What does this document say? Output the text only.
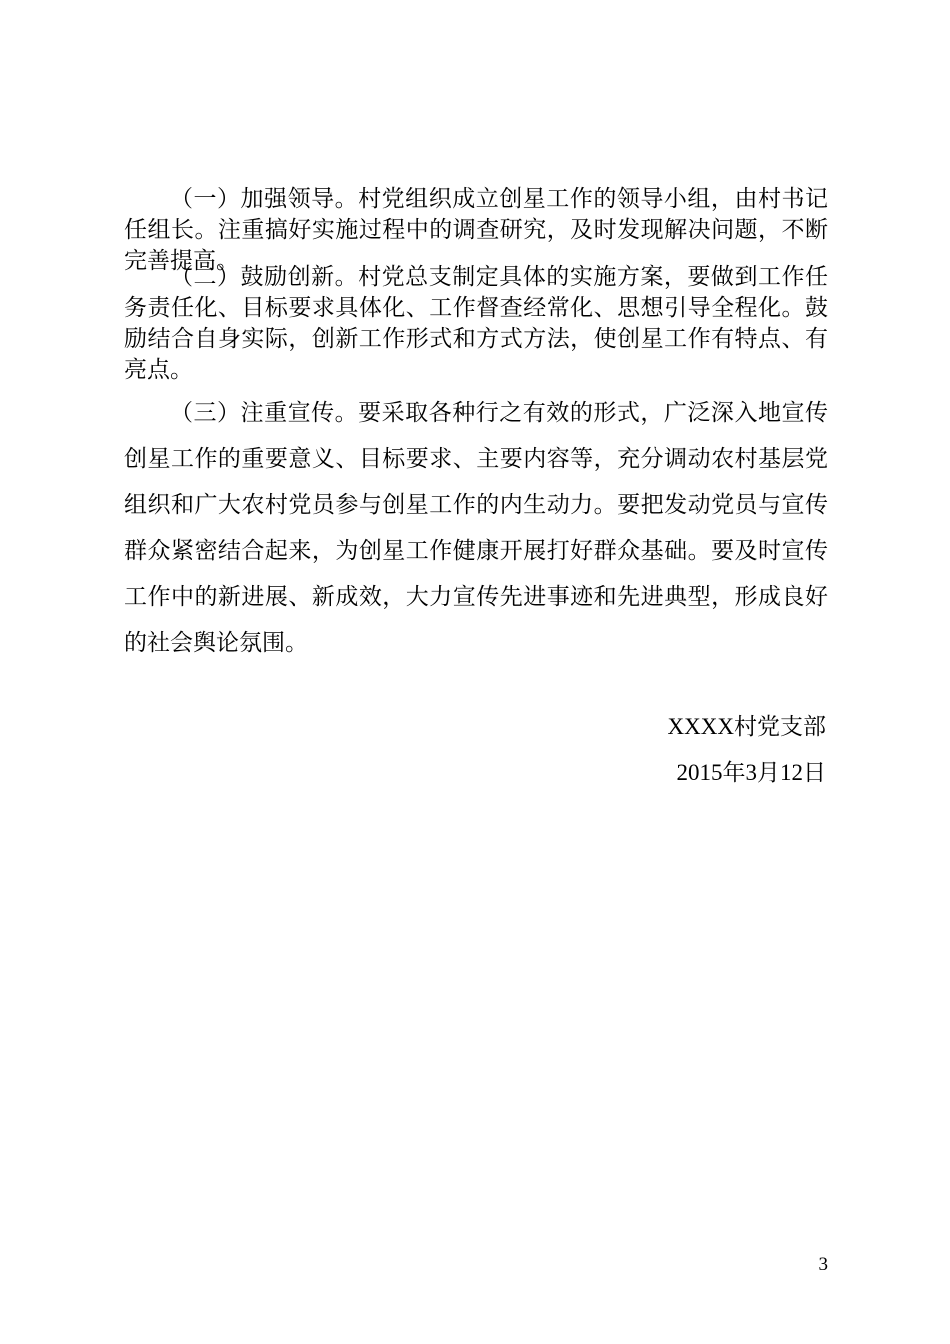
（一）加强领导。村党组织成立创星工作的领导小组，由村书记任组长。注重搞好实施过程中的调查研究，及时发现解决问题，不断完善提高。

（二）鼓励创新。村党总支制定具体的实施方案，要做到工作任务责任化、目标要求具体化、工作督查经常化、思想引导全程化。鼓励结合自身实际，创新工作形式和方式方法，使创星工作有特点、有亮点。

（三）注重宣传。要采取各种行之有效的形式，广泛深入地宣传创星工作的重要意义、目标要求、主要内容等，充分调动农村基层党组织和广大农村党员参与创星工作的内生动力。要把发动党员与宣传群众紧密结合起来，为创星工作健康开展打好群众基础。要及时宣传工作中的新进展、新成效，大力宣传先进事迹和先进典型，形成良好的社会舆论氛围。

XXXX村党支部
2015年3月12日
3
